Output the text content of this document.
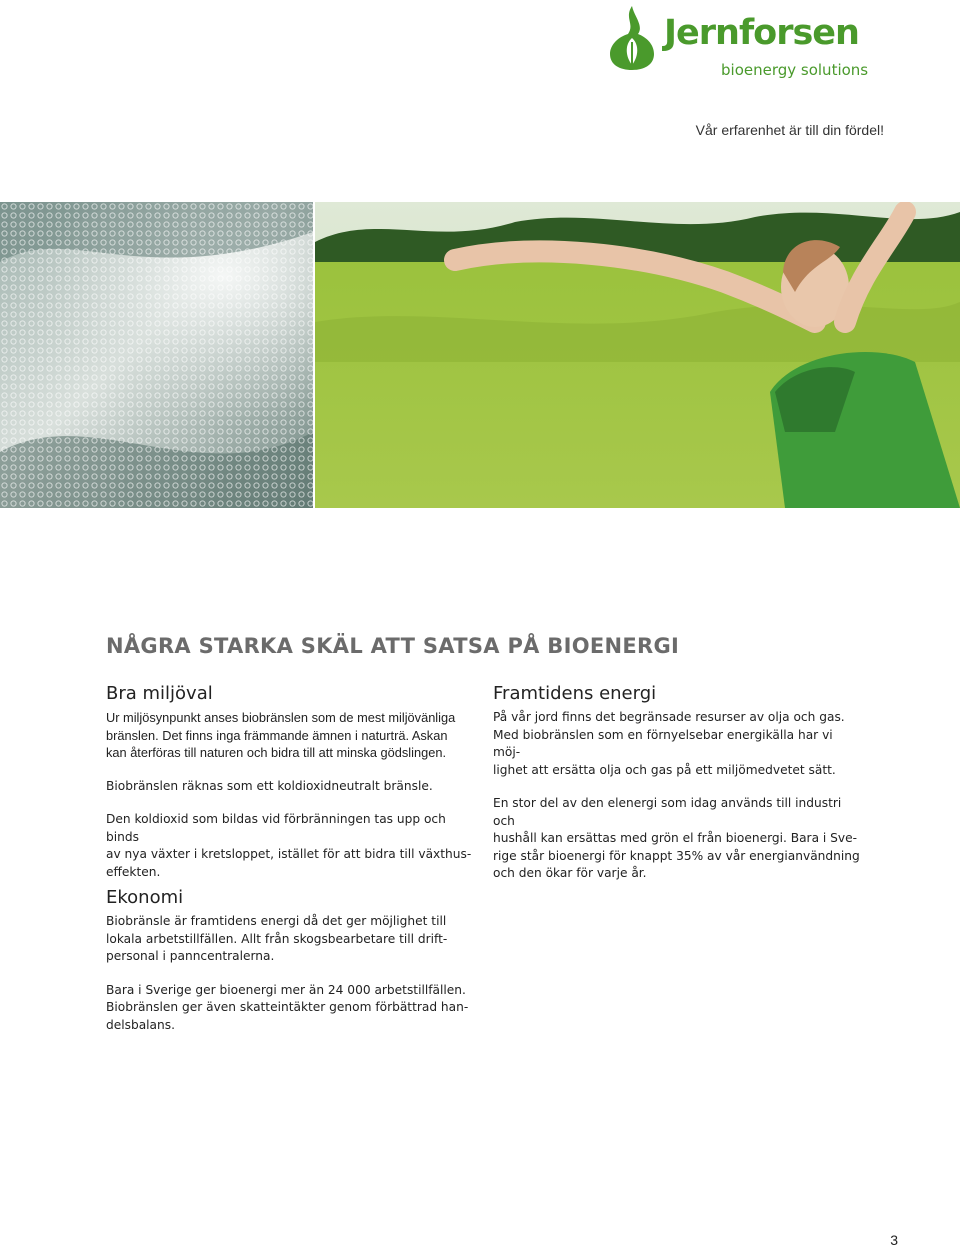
Jernforsen
bioenergy solutions
Vår erfarenhet är till din fördel!
NÅGRA STARKA SKÄL ATT SATSA PÅ BIOENERGI
Bra miljöval

Ur miljösynpunkt anses biobränslen som de mest miljövänliga
bränslen. Det finns inga främmande ämnen i naturträ. Askan
kan återföras till naturen och bidra till att minska gödslingen.

Biobränslen räknas som ett koldioxidneutralt bränsle.

Den koldioxid som bildas vid förbränningen tas upp och binds
av nya växter i kretsloppet, istället för att bidra till växthus-
effekten.

Framtidens energi

På vår jord finns det begränsade resurser av olja och gas.
Med biobränslen som en förnyelsebar energikälla har vi möj-
lighet att ersätta olja och gas på ett miljömedvetet sätt.

En stor del av den elenergi som idag används till industri och
hushåll kan ersättas med grön el från bioenergi. Bara i Sve-
rige står bioenergi för knappt 35% av vår energianvändning
och den ökar för varje år.

Ekonomi

Biobränsle är framtidens energi då det ger möjlighet till
lokala arbetstillfällen. Allt från skogsbearbetare till drift-
personal i panncentralerna.

Bara i Sverige ger bioenergi mer än 24 000 arbetstillfällen.
Biobränslen ger även skatteintäkter genom förbättrad han-
delsbalans.

3
